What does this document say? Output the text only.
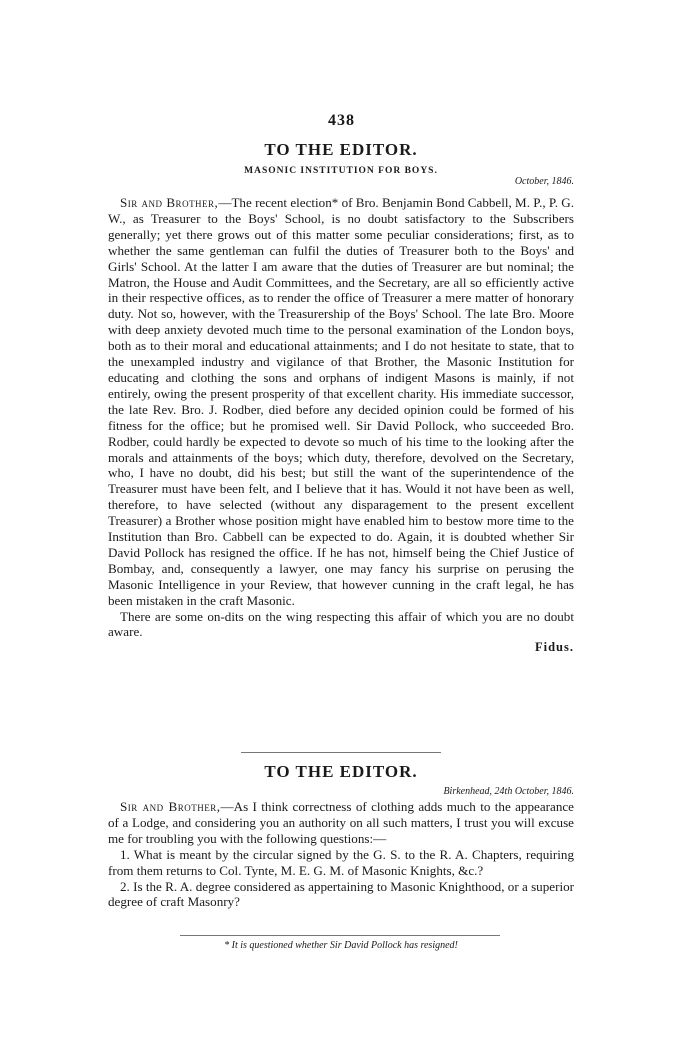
438
TO THE EDITOR.
MASONIC INSTITUTION FOR BOYS.
October, 1846.

Sir and Brother,—The recent election* of Bro. Benjamin Bond Cabbell, M. P., P. G. W., as Treasurer to the Boys' School, is no doubt satisfactory to the Subscribers generally; yet there grows out of this matter some peculiar considerations; first, as to whether the same gentleman can fulfil the duties of Treasurer both to the Boys' and Girls' School. At the latter I am aware that the duties of Treasurer are but nominal; the Matron, the House and Audit Committees, and the Secretary, are all so efficiently active in their respective offices, as to render the office of Treasurer a mere matter of honorary duty. Not so, however, with the Treasurership of the Boys' School. The late Bro. Moore with deep anxiety devoted much time to the personal examination of the London boys, both as to their moral and educational attainments; and I do not hesitate to state, that to the unexampled industry and vigilance of that Brother, the Masonic Institution for educating and clothing the sons and orphans of indigent Masons is mainly, if not entirely, owing the present prosperity of that excellent charity. His immediate successor, the late Rev. Bro. J. Rodber, died before any decided opinion could be formed of his fitness for the office; but he promised well. Sir David Pollock, who succeeded Bro. Rodber, could hardly be expected to devote so much of his time to the looking after the morals and attainments of the boys; which duty, therefore, devolved on the Secretary, who, I have no doubt, did his best; but still the want of the superintendence of the Treasurer must have been felt, and I believe that it has. Would it not have been as well, therefore, to have selected (without any disparagement to the present excellent Treasurer) a Brother whose position might have enabled him to bestow more time to the Institution than Bro. Cabbell can be expected to do. Again, it is doubted whether Sir David Pollock has resigned the office. If he has not, himself being the Chief Justice of Bombay, and, consequently a lawyer, one may fancy his surprise on perusing the Masonic Intelligence in your Review, that however cunning in the craft legal, he has been mistaken in the craft Masonic.

There are some on-dits on the wing respecting this affair of which you are no doubt aware.

Fidus.
TO THE EDITOR.
Birkenhead, 24th October, 1846.

Sir and Brother,—As I think correctness of clothing adds much to the appearance of a Lodge, and considering you an authority on all such matters, I trust you will excuse me for troubling you with the following questions:—

1. What is meant by the circular signed by the G. S. to the R. A. Chapters, requiring from them returns to Col. Tynte, M. E. G. M. of Masonic Knights, &c.?

2. Is the R. A. degree considered as appertaining to Masonic Knighthood, or a superior degree of craft Masonry?

* It is questioned whether Sir David Pollock has resigned!
